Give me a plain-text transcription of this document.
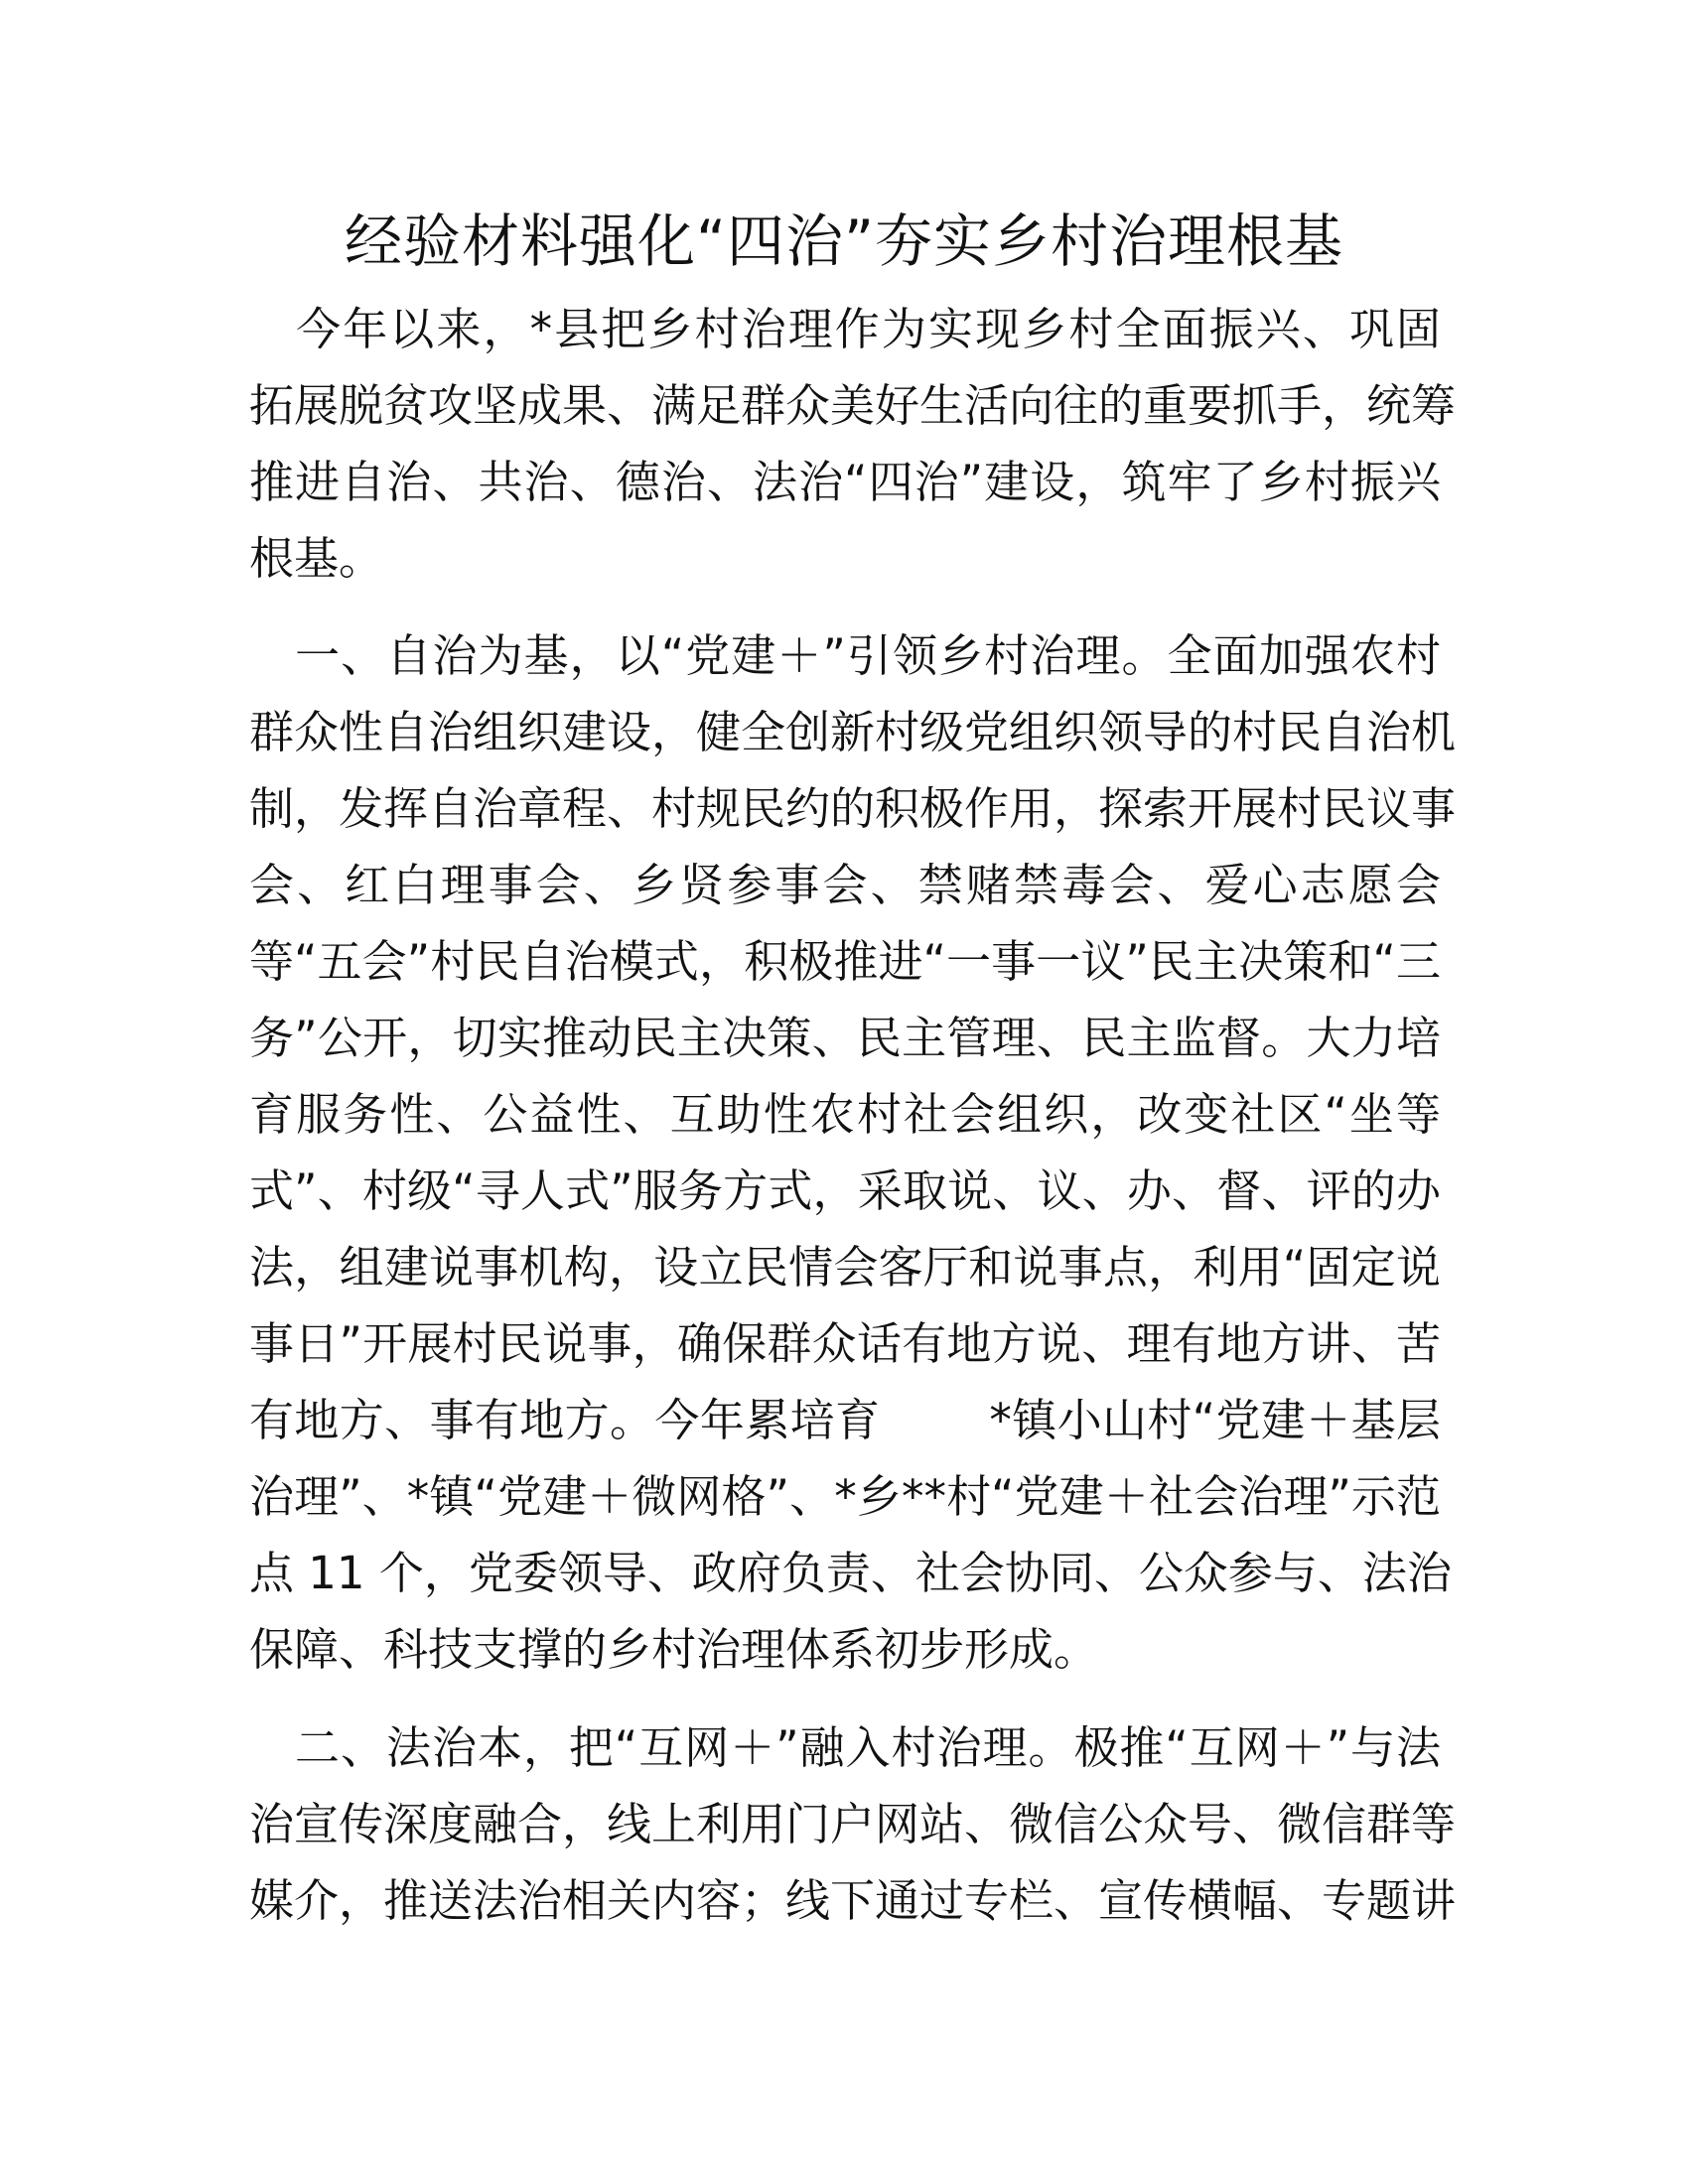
经验材料强化“四治”夯实乡村治理根基
　今年以来，*县把乡村治理作为实现乡村全面振兴、巩固
拓展脱贫攻坚成果、满足群众美好生活向往的重要抓手，统筹
推进自治、共治、德治、法治“四治”建设，筑牢了乡村振兴
根基。
　一、自治为基，以“党建＋”引领乡村治理。全面加强农村
群众性自治组织建设，健全创新村级党组织领导的村民自治机
制，发挥自治章程、村规民约的积极作用，探索开展村民议事
会、红白理事会、乡贤参事会、禁赌禁毒会、爱心志愿会
等“五会”村民自治模式，积极推进“一事一议”民主决策和“三
务”公开，切实推动民主决策、民主管理、民主监督。大力培
育服务性、公益性、互助性农村社会组织，改变社区“坐等
式”、村级“寻人式”服务方式，采取说、议、办、督、评的办
法，组建说事机构，设立民情会客厅和说事点，利用“固定说
事日”开展村民说事，确保群众话有地方说、理有地方讲、苦
有地方、事有地方。今年累培育 *镇小山村“党建＋基层
治理”、*镇“党建＋微网格”、*乡**村“党建＋社会治理”示范
点 11 个，党委领导、政府负责、社会协同、公众参与、法治
保障、科技支撑的乡村治理体系初步形成。
　二、法治本，把“互网＋”融入村治理。极推“互网＋”与法
治宣传深度融合，线上利用门户网站、微信公众号、微信群等
媒介，推送法治相关内容；线下通过专栏、宣传横幅、专题讲
